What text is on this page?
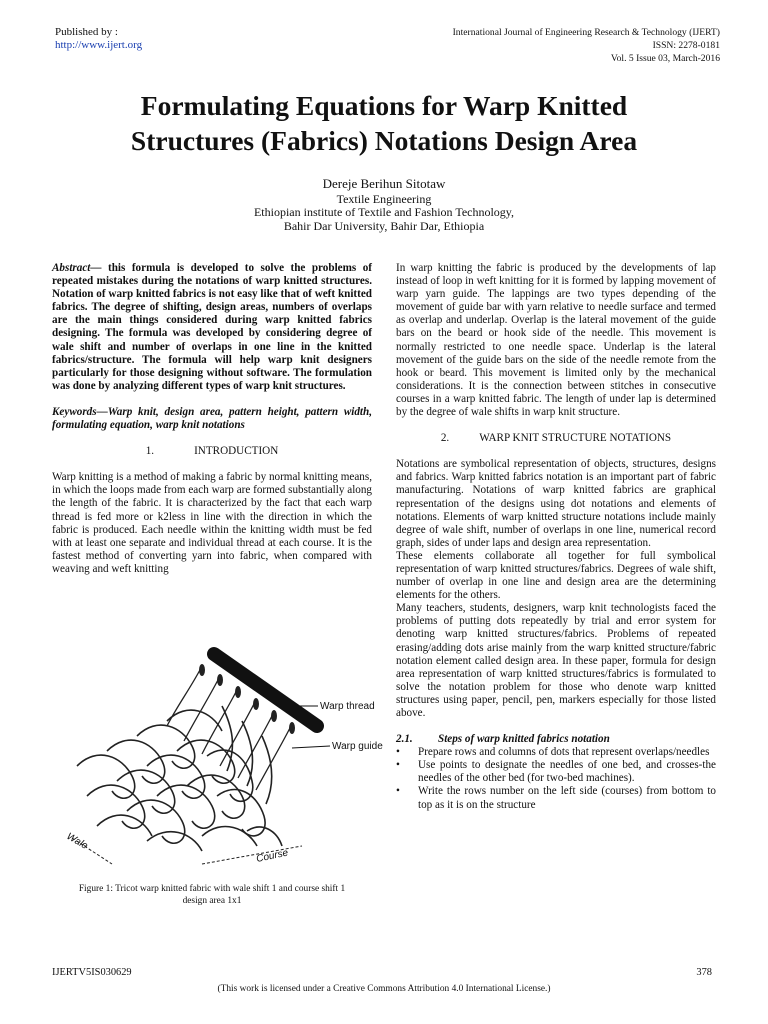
Published by :
http://www.ijert.org
International Journal of Engineering Research & Technology (IJERT)
ISSN: 2278-0181
Vol. 5 Issue 03, March-2016
Formulating Equations for Warp Knitted
Structures (Fabrics) Notations Design Area
Dereje Berihun Sitotaw
Textile Engineering
Ethiopian institute of Textile and Fashion Technology,
Bahir Dar University, Bahir Dar, Ethiopia

Abstract— this formula is developed to solve the problems of repeated mistakes during the notations of warp knitted structures. Notation of warp knitted fabrics is not easy like that of weft knitted fabrics. The degree of shifting, design areas, numbers of overlaps are the main things considered during warp knitted fabrics designing. The formula was developed by considering degree of wale shift and number of overlaps in one line in the knitted fabrics/structure. The formula will help warp knit designers particularly for those designing without software. The formulation was done by analyzing different types of warp knit structures.

Keywords—Warp knit, design area, pattern height, pattern width, formulating equation, warp knit notations

1.	INTRODUCTION

Warp knitting is a method of making a fabric by normal knitting means, in which the loops made from each warp are formed substantially along the length of the fabric. It is characterized by the fact that each warp thread is fed more or k2less in line with the direction in which the fabric is produced. Each needle within the knitting width must be fed with at least one separate and individual thread at each course. It is the fastest method of converting yarn into fabric, when compared with weaving and weft knitting

Warp thread
Warp guide
Wale
Course
Figure 1: Tricot warp knitted fabric with wale shift 1 and course shift 1
design area 1x1

In warp knitting the fabric is produced by the developments of lap instead of loop in weft knitting for it is formed by lapping movement of warp yarn guide. The lappings are two types depending of the movement of guide bar with yarn relative to needle surface and termed as overlap and underlap. Overlap is the lateral movement of the guide bars on the beard or hook side of the needle. This movement is normally restricted to one needle space. Underlap is the lateral movement of the guide bars on the side of the needle remote from the hook or beard. This movement is limited only by the mechanical considerations. It is the connection between stitches in consecutive courses in a warp knitted fabric. The length of under lap is determined by the degree of wale shifts in warp knit structure.

2.	WARP KNIT STRUCTURE NOTATIONS

Notations are symbolical representation of objects, structures, designs and fabrics. Warp knitted fabrics notation is an important part of fabric manufacturing. Notations of warp knitted fabrics are graphical representation of the designs using dot notations and elements of notations. Elements of warp knitted structure notations include mainly degree of wale shift, number of overlaps in one line, numerical record graph, sides of under laps and design area representation.

These elements collaborate all together for full symbolical representation of warp knitted structures/fabrics. Degrees of wale shift, number of overlap in one line and design area are the determining elements for the others.

Many teachers, students, designers, warp knit technologists faced the problems of putting dots repeatedly by trial and error system for denoting warp knitted structures/fabrics. Problems of repeated erasing/adding dots arise mainly from the warp knitted structure/fabric notation element called design area. In these paper, formula for design area representation of warp knitted structures/fabrics is formulated to solve the notation problem for those who denote warp knitted structures using paper, pencil, pen, markers especially for those listed above.

2.1.	Steps of warp knitted fabrics notation
•	Prepare rows and columns of dots that represent overlaps/needles
•	Use points to designate the needles of one bed, and crosses-the needles of the other bed (for two-bed machines).
•	Write the rows number on the left side (courses) from bottom to top as it is on the structure
IJERTV5IS030629	378
(This work is licensed under a Creative Commons Attribution 4.0 International License.)
